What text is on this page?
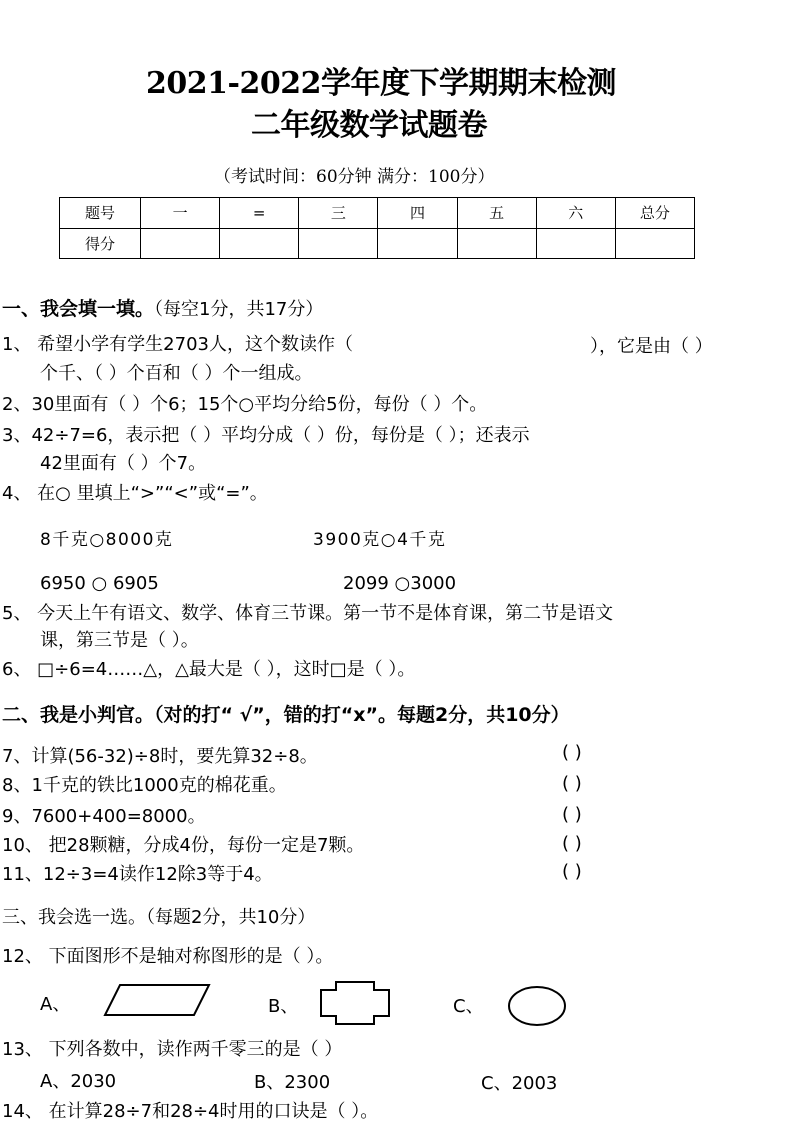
2021-2022学年度下学期期末检测
二年级数学试题卷
（考试时间：60分钟 满分：100分）
题号	一	=	三	四	五	六	总分
得分							
一、我会填一填。（每空1分，共17分）
1、 希望小学有学生2703人，这个数读作（	），它是由（ ）
个千、（ ）个百和（ ）个一组成。
2、30里面有（ ）个6；15个○平均分给5份，每份（ ）个。
3、42÷7=6，表示把（ ）平均分成（ ）份，每份是（ ）；还表示
42里面有（ ）个7。
4、 在○ 里填上“>”“<”或“=”。
8千克○8000克	3900克○4千克
6950 ○ 6905	2099 ○3000
5、 今天上午有语文、数学、体育三节课。第一节不是体育课，第二节是语文
课，第三节是（ ）。
6、 □÷6=4……△，△最大是（ ），这时□是（ ）。
二、我是小判官。（对的打“ √”，错的打“x”。每题2分，共10分）
7、计算(56-32)÷8时，要先算32÷8。	( )
8、1千克的铁比1000克的棉花重。	( )
9、7600+400=8000。	( )
10、 把28颗糖，分成4份，每份一定是7颗。	( )
11、12÷3=4读作12除3等于4。	( )
三、我会选一选。（每题2分，共10分）
12、 下面图形不是轴对称图形的是（ ）。
A、	B、	C、
13、 下列各数中，读作两千零三的是（ ）
A、2030	B、2300	C、2003
14、 在计算28÷7和28÷4时用的口诀是（ ）。
